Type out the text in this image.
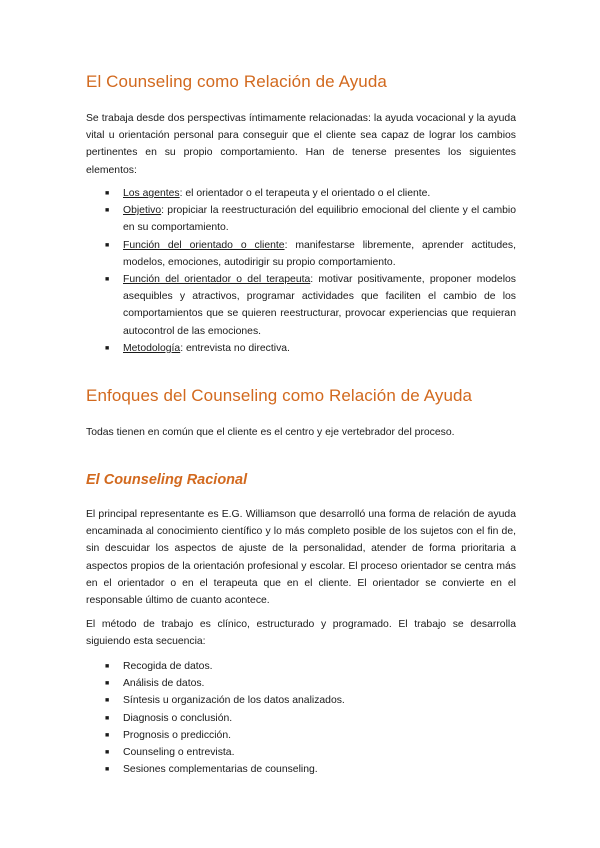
El Counseling como Relación de Ayuda

Se trabaja desde dos perspectivas íntimamente relacionadas: la ayuda vocacional y la ayuda vital u orientación personal para conseguir que el cliente sea capaz de lograr los cambios pertinentes en su propio comportamiento. Han de tenerse presentes los siguientes elementos:

■ Los agentes: el orientador o el terapeuta y el orientado o el cliente.
■ Objetivo: propiciar la reestructuración del equilibrio emocional del cliente y el cambio en su comportamiento.
■ Función del orientado o cliente: manifestarse libremente, aprender actitudes, modelos, emociones, autodirigir su propio comportamiento.
■ Función del orientador o del terapeuta: motivar positivamente, proponer modelos asequibles y atractivos, programar actividades que faciliten el cambio de los comportamientos que se quieren reestructurar, provocar experiencias que requieran autocontrol de las emociones.
■ Metodología: entrevista no directiva.
Enfoques del Counseling como Relación de Ayuda

Todas tienen en común que el cliente es el centro y eje vertebrador del proceso.

El Counseling Racional

El principal representante es E.G. Williamson que desarrolló una forma de relación de ayuda encaminada al conocimiento científico y lo más completo posible de los sujetos con el fin de, sin descuidar los aspectos de ajuste de la personalidad, atender de forma prioritaria a aspectos propios de la orientación profesional y escolar. El proceso orientador se centra más en el orientador o en el terapeuta que en el cliente. El orientador se convierte en el responsable último de cuanto acontece.

El método de trabajo es clínico, estructurado y programado. El trabajo se desarrolla siguiendo esta secuencia:

■ Recogida de datos.
■ Análisis de datos.
■ Síntesis u organización de los datos analizados.
■ Diagnosis o conclusión.
■ Prognosis o predicción.
■ Counseling o entrevista.
■ Sesiones complementarias de counseling.
